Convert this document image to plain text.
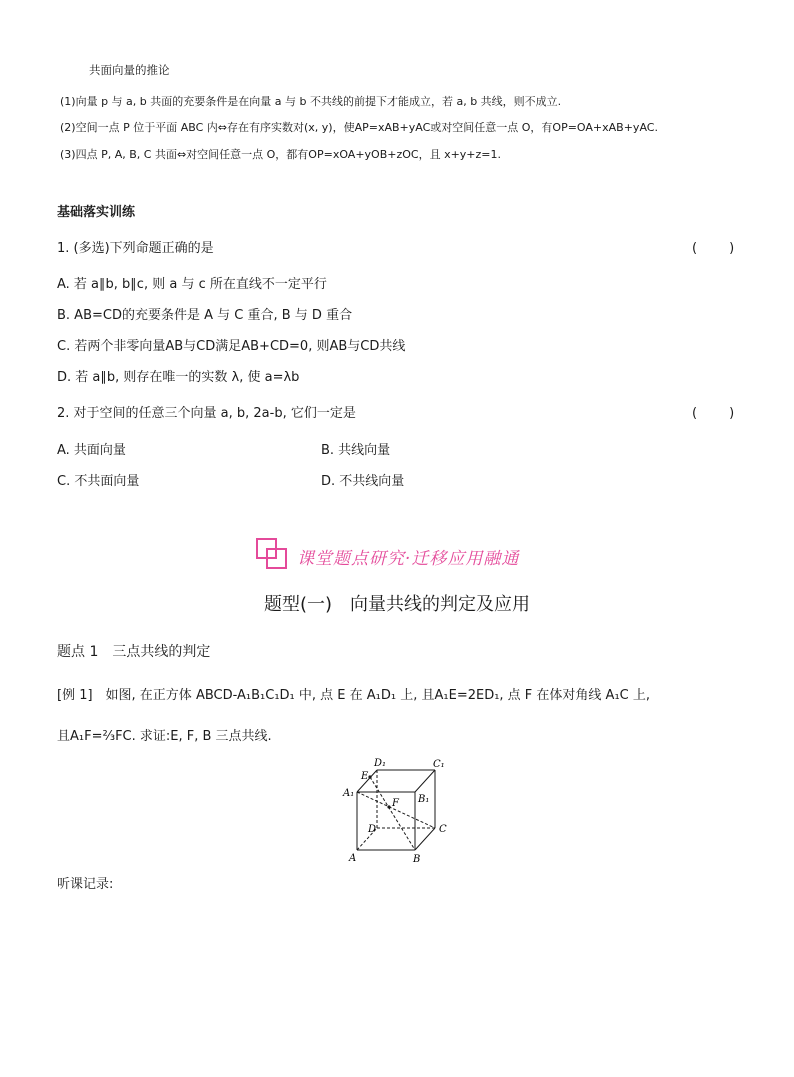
共面向量的推论
(1)向量 p 与 a, b 共面的充要条件是在向量 a 与 b 不共线的前提下才能成立，若 a, b 共线，则不成立.
(2)空间一点 P 位于平面 ABC 内⇔存在有序实数对(x, y)，使AP=xAB+yAC或对空间任意一点 O，有OP=OA+xAB+yAC.
(3)四点 P, A, B, C 共面⇔对空间任意一点 O，都有OP=xOA+yOB+zOC，且 x+y+z=1.
基础落实训练
1. (多选)下列命题正确的是	(　　)
A. 若 a∥b, b∥c, 则 a 与 c 所在直线不一定平行
B. AB=CD的充要条件是 A 与 C 重合, B 与 D 重合
C. 若两个非零向量AB与CD满足AB+CD=0, 则AB与CD共线
D. 若 a∥b, 则存在唯一的实数 λ, 使 a=λb
2. 对于空间的任意三个向量 a, b, 2a-b, 它们一定是	(　　)
A. 共面向量	B. 共线向量
C. 不共面向量	D. 不共线向量
课堂题点研究·迁移应用融通
题型(一)　向量共线的判定及应用
题点 1　三点共线的判定
[例 1]　如图, 在正方体 ABCD-A₁B₁C₁D₁ 中, 点 E 在 A₁D₁ 上, 且A₁E=2ED₁, 点 F 在体对角线 A₁C 上,
且A₁F=⅔FC. 求证:E, F, B 三点共线.
A	B
C
D
A₁
B₁
C₁
D₁
E
F
听课记录:
